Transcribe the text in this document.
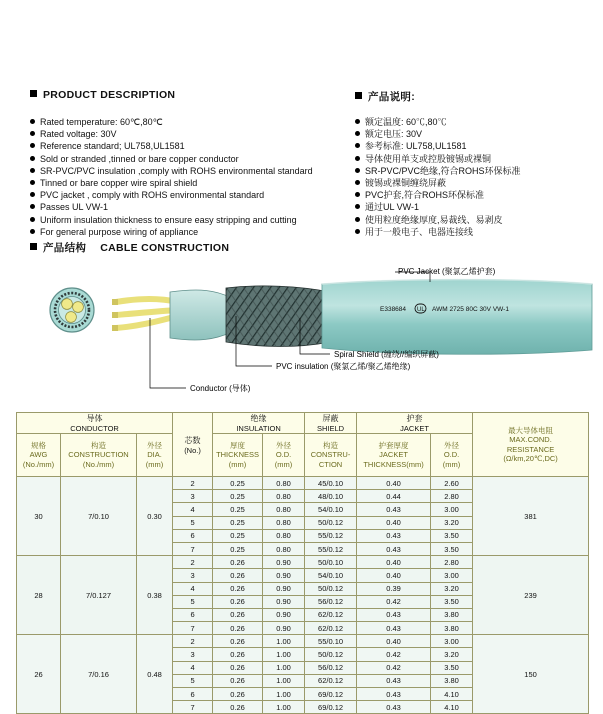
PRODUCT DESCRIPTION
Rated temperature: 60℃,80℃
Rated voltage: 30V
Reference standard; UL758,UL1581
Sold or stranded ,tinned or bare copper conductor
SR-PVC/PVC insulation ,comply with ROHS environmental standard
Tinned or bare copper wire spiral shield
PVC jacket , comply with ROHS environmental standard
Passes UL VW-1
Uniform insulation thickness to ensure easy stripping and cutting
For general purpose wiring of appliance
产品说明:
额定温度: 60℃,80℃
额定电压: 30V
参考标准: UL758,UL1581
导体使用单支或控股镀锡或裸铜
SR-PVC/PVC绝缘,符合ROHS环保标准
镀锡或裸铜缠绕屏蔽
PVC护套,符合ROHS环保标准
通过UL VW-1
使用粒度绝缘厚度,易裁线、易剥皮
用于一般电子、电器连接线
产品结构 CABLE CONSTRUCTION
E338684 UL AWM 2725 80C 30V VW-1
PVC Jacket (聚氯乙烯护套)
Spiral Shield (缠绕//编织屏蔽)
PVC insulation (聚氯乙烯/聚乙烯绝缘)
Conductor (导体)
导体
CONDUCTOR			芯数
(No.)	绝缘
INSULATION		屏蔽
SHIELD	护套
JACKET		最大导体电阻
MAX.COND.
RESISTANCE
(Ω/km,20℃,DC)

规格
AWG
(No./mm)	构造
CONSTRUCTION
(No./mm)	外径
DIA.
(mm)		厚度
THICKNESS
(mm)	外径
O.D.
(mm)	构造
CONSTRU-
CTION	护套厚度
JACKET
THICKNESS(mm)	外径
O.D.
(mm)	

30	7/0.10	0.30	2	0.25	0.80	45/0.10	0.40	2.60	381
			3	0.25	0.80	48/0.10	0.44	2.80	
			4	0.25	0.80	54/0.10	0.43	3.00	
			5	0.25	0.80	50/0.12	0.40	3.20	
			6	0.25	0.80	55/0.12	0.43	3.50	
			7	0.25	0.80	55/0.12	0.43	3.50	
28	7/0.127	0.38	2	0.26	0.90	50/0.10	0.40	2.80	239
			3	0.26	0.90	54/0.10	0.40	3.00	
			4	0.26	0.90	50/0.12	0.39	3.20	
			5	0.26	0.90	56/0.12	0.42	3.50	
			6	0.26	0.90	62/0.12	0.43	3.80	
			7	0.26	0.90	62/0.12	0.43	3.80	
26	7/0.16	0.48	2	0.26	1.00	55/0.10	0.40	3.00	150
			3	0.26	1.00	50/0.12	0.42	3.20	
			4	0.26	1.00	56/0.12	0.42	3.50	
			5	0.26	1.00	62/0.12	0.43	3.80	
			6	0.26	1.00	69/0.12	0.43	4.10	
			7	0.26	1.00	69/0.12	0.43	4.10	
